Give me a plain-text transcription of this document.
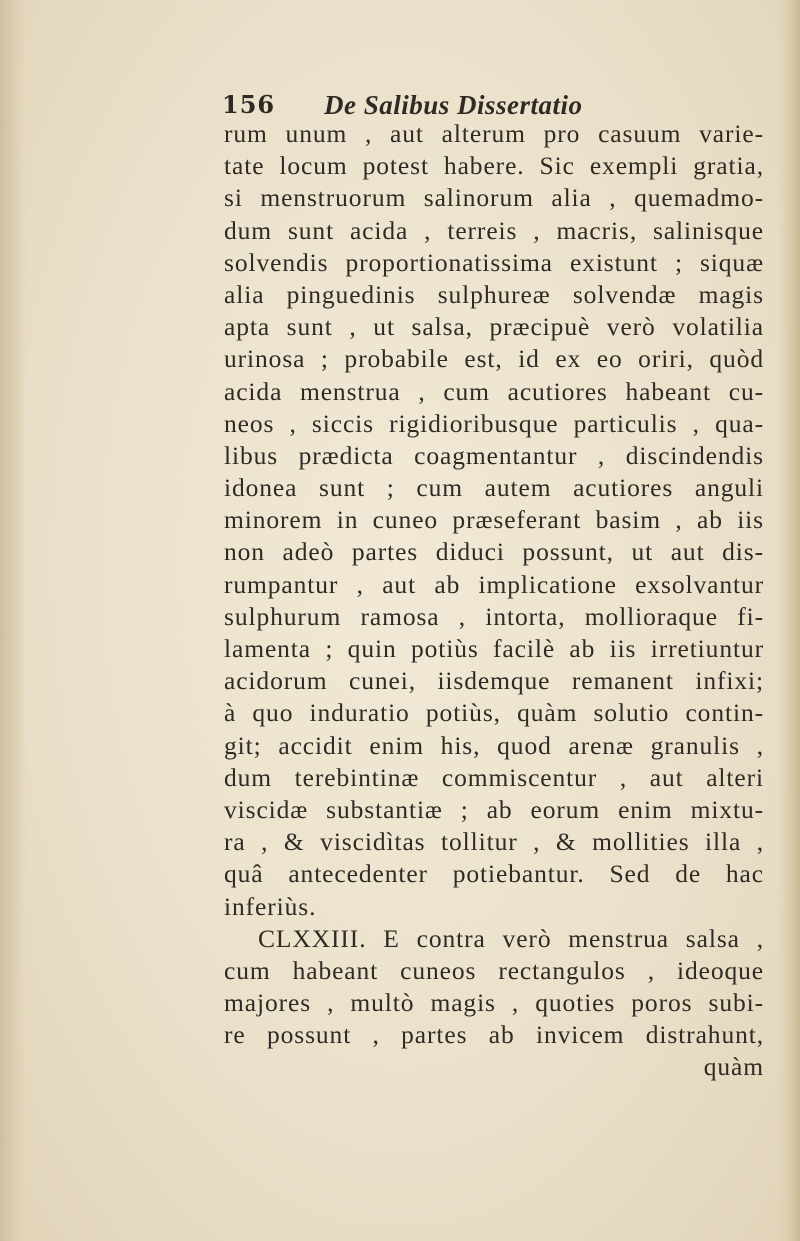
156 De Salibus Dissertatio
rum unum , aut alterum pro casuum varie-
tate locum potest habere. Sic exempli gratia,
si menstruorum salinorum alia , quemadmo-
dum sunt acida , terreis , macris, salinisque
solvendis proportionatissima existunt ; siquæ
alia pinguedinis sulphureæ solvendæ magis
apta sunt , ut salsa, præcipuè verò volatilia
urinosa ; probabile est, id ex eo oriri, quòd
acida menstrua , cum acutiores habeant cu-
neos , siccis rigidioribusque particulis , qua-
libus prædicta coagmentantur , discindendis
idonea sunt ; cum autem acutiores anguli
minorem in cuneo præseferant basim , ab iis
non adeò partes diduci possunt, ut aut dis-
rumpantur , aut ab implicatione exsolvantur
sulphurum ramosa , intorta, mollioraque fi-
lamenta ; quin potiùs facilè ab iis irretiuntur
acidorum cunei, iisdemque remanent infixi;
à quo induratio potiùs, quàm solutio contin-
git; accidit enim his, quod arenæ granulis ,
dum terebintinæ commiscentur , aut alteri
viscidæ substantiæ ; ab eorum enim mixtu-
ra , & viscidìtas tollitur , & mollities illa ,
quâ antecedenter potiebantur. Sed de hac
inferiùs.
CLXXIII. E contra verò menstrua salsa ,
cum habeant cuneos rectangulos , ideoque
majores , multò magis , quoties poros subi-
re possunt , partes ab invicem distrahunt,
quàm
